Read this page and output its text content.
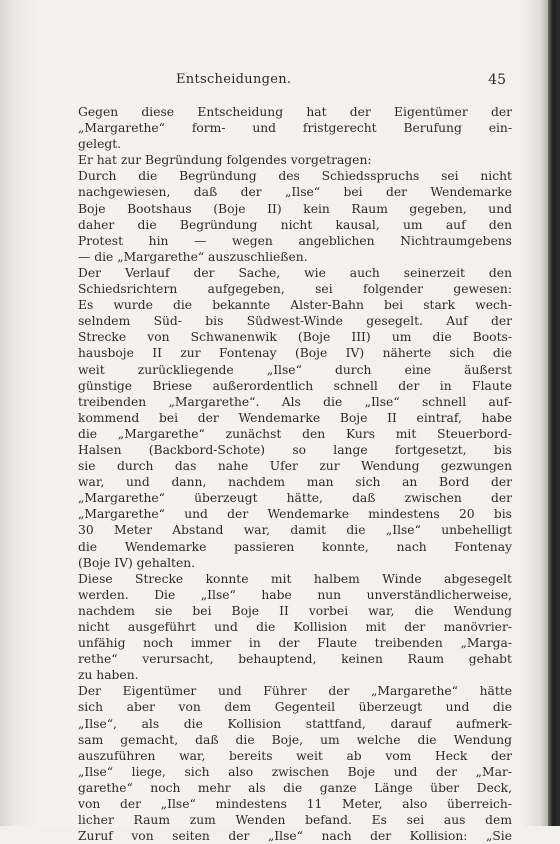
Entscheidungen.	45
Gegen diese Entscheidung hat der Eigentümer der
„Margarethe“ form- und fristgerecht Berufung ein-
gelegt.
Er hat zur Begründung folgendes vorgetragen:
Durch die Begründung des Schiedsspruchs sei nicht
nachgewiesen, daß der „Ilse“ bei der Wendemarke
Boje Bootshaus (Boje II) kein Raum gegeben, und
daher die Begründung nicht kausal, um auf den
Protest hin — wegen angeblichen Nichtraumgebens
— die „Margarethe“ auszuschließen.
Der Verlauf der Sache, wie auch seinerzeit den
Schiedsrichtern aufgegeben, sei folgender gewesen:
Es wurde die bekannte Alster-Bahn bei stark wech-
selndem Süd- bis Südwest-Winde gesegelt. Auf der
Strecke von Schwanenwik (Boje III) um die Boots-
hausboje II zur Fontenay (Boje IV) näherte sich die
weit zurückliegende „Ilse“ durch eine äußerst
günstige Briese außerordentlich schnell der in Flaute
treibenden „Margarethe“. Als die „Ilse“ schnell auf-
kommend bei der Wendemarke Boje II eintraf, habe
die „Margarethe“ zunächst den Kurs mit Steuerbord-
Halsen (Backbord-Schote) so lange fortgesetzt, bis
sie durch das nahe Ufer zur Wendung gezwungen
war, und dann, nachdem man sich an Bord der
„Margarethe“ überzeugt hätte, daß zwischen der
„Margarethe“ und der Wendemarke mindestens 20 bis
30 Meter Abstand war, damit die „Ilse“ unbehelligt
die Wendemarke passieren konnte, nach Fontenay
(Boje IV) gehalten.
Diese Strecke konnte mit halbem Winde abgesegelt
werden. Die „Ilse“ habe nun unverständlicherweise,
nachdem sie bei Boje II vorbei war, die Wendung
nicht ausgeführt und die Kollision mit der manövrier-
unfähig noch immer in der Flaute treibenden „Marga-
rethe“ verursacht, behauptend, keinen Raum gehabt
zu haben.
Der Eigentümer und Führer der „Margarethe“ hätte
sich aber von dem Gegenteil überzeugt und die
„Ilse“, als die Kollision stattfand, darauf aufmerk-
sam gemacht, daß die Boje, um welche die Wendung
auszuführen war, bereits weit ab vom Heck der
„Ilse“ liege, sich also zwischen Boje und der „Mar-
garethe“ noch mehr als die ganze Länge über Deck,
von der „Ilse“ mindestens 11 Meter, also überreich-
licher Raum zum Wenden befand. Es sei aus dem
Zuruf von seiten der „Ilse“ nach der Kollision: „Sie
